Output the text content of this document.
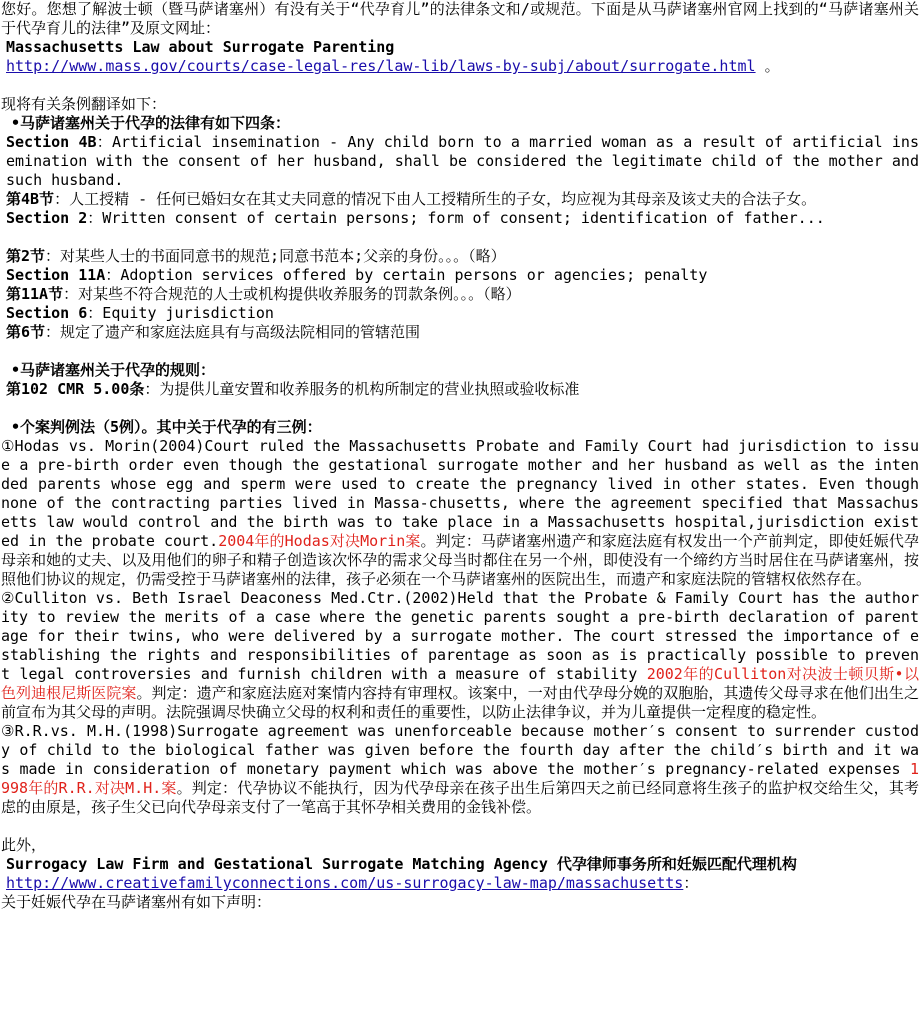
您好。您想了解波士顿（暨马萨诸塞州）有没有关于“代孕育儿”的法律条文和/或规范。下面是从马萨诸塞州官网上找到的“马萨诸塞州关于代孕育儿的法律”及原文网址：

Massachusetts Law about Surrogate Parenting

http://www.mass.gov/courts/case-legal-res/law-lib/laws-by-subj/about/surrogate.html 。

现将有关条例翻译如下：

•马萨诸塞州关于代孕的法律有如下四条：

Section 4B：Artificial insemination - Any child born to a married woman as a result of artificial insemination with the consent of her husband, shall be considered the legitimate child of the mother and such husband.

第4B节：人工授精 - 任何已婚妇女在其丈夫同意的情况下由人工授精所生的子女，均应视为其母亲及该丈夫的合法子女。

Section 2：Written consent of certain persons; form of consent; identification of father...

第2节：对某些人士的书面同意书的规范;同意书范本;父亲的身份。。。（略）

Section 11A：Adoption services offered by certain persons or agencies; penalty

第11A节：对某些不符合规范的人士或机构提供收养服务的罚款条例。。。（略）

Section 6：Equity jurisdiction

第6节：规定了遗产和家庭法庭具有与高级法院相同的管辖范围

•马萨诸塞州关于代孕的规则：

第102 CMR 5.00条：为提供儿童安置和收养服务的机构所制定的营业执照或验收标准

•个案判例法（5例）。其中关于代孕的有三例：

①Hodas vs. Morin(2004)Court ruled the Massachusetts Probate and Family Court had jurisdiction to issue a pre-birth order even though the gestational surrogate mother and her husband as well as the intended parents whose egg and sperm were used to create the pregnancy lived in other states. Even though none of the contracting parties lived in Massa-chusetts, where the agreement specified that Massachusetts law would control and the birth was to take place in a Massachusetts hospital,jurisdiction existed in the probate court.2004年的Hodas对决Morin案。判定：马萨诸塞州遗产和家庭法庭有权发出一个产前判定，即使妊娠代孕母亲和她的丈夫、以及用他们的卵子和精子创造该次怀孕的需求父母当时都住在另一个州，即使没有一个缔约方当时居住在马萨诸塞州，按照他们协议的规定，仍需受控于马萨诸塞州的法律，孩子必须在一个马萨诸塞州的医院出生，而遗产和家庭法院的管辖权依然存在。

②Culliton vs. Beth Israel Deaconess Med.Ctr.(2002)Held that the Probate & Family Court has the authority to review the merits of a case where the genetic parents sought a pre-birth declaration of parentage for their twins, who were delivered by a surrogate mother. The court stressed the importance of establishing the rights and responsibilities of parentage as soon as is practically possible to prevent legal controversies and furnish children with a measure of stability 2002年的Culliton对决波士顿贝斯•以色列迪根尼斯医院案。判定：遗产和家庭法庭对案情内容持有审理权。该案中，一对由代孕母分娩的双胞胎，其遗传父母寻求在他们出生之前宣布为其父母的声明。法院强调尽快确立父母的权利和责任的重要性，以防止法律争议，并为儿童提供一定程度的稳定性。

③R.R.vs. M.H.(1998)Surrogate agreement was unenforceable because mother′s consent to surrender custody of child to the biological father was given before the fourth day after the child′s birth and it was made in consideration of monetary payment which was above the mother′s pregnancy-related expenses 1998年的R.R.对决M.H.案。判定：代孕协议不能执行，因为代孕母亲在孩子出生后第四天之前已经同意将生孩子的监护权交给生父，其考虑的由原是，孩子生父已向代孕母亲支付了一笔高于其怀孕相关费用的金钱补偿。

此外，

Surrogacy Law Firm and Gestational Surrogate Matching Agency 代孕律师事务所和妊娠匹配代理机构

http://www.creativefamilyconnections.com/us-surrogacy-law-map/massachusetts：

关于妊娠代孕在马萨诸塞州有如下声明：
